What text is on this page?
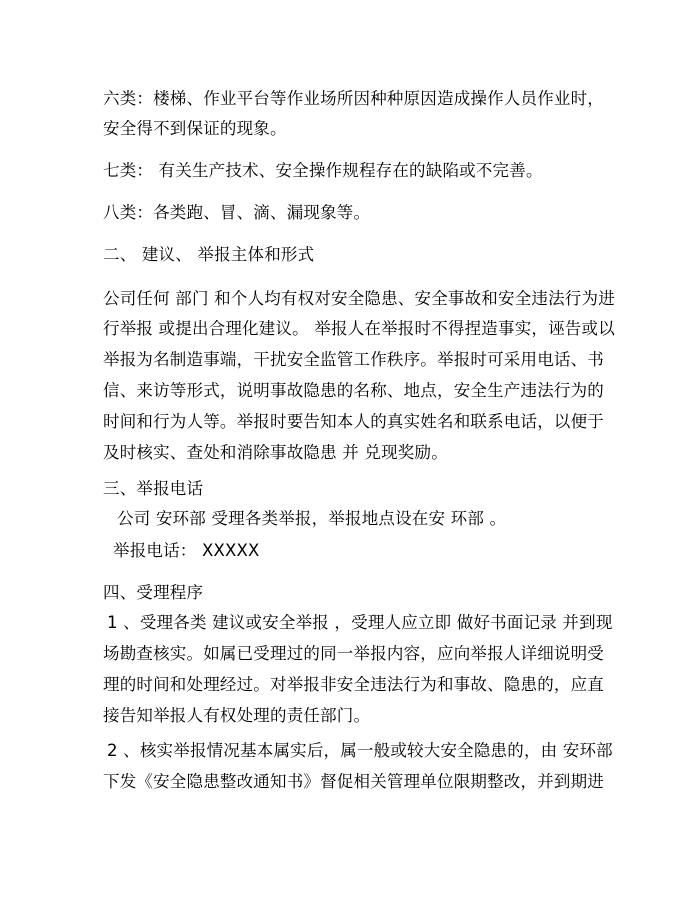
六类：楼梯、作业平台等作业场所因种种原因造成操作人员作业时，
安全得不到保证的现象。
七类： 有关生产技术、安全操作规程存在的缺陷或不完善。
八类：各类跑、冒、滴、漏现象等。
二、 建议、 举报主体和形式
公司任何 部门 和个人均有权对安全隐患、安全事故和安全违法行为进
行举报 或提出合理化建议。 举报人在举报时不得捏造事实，诬告或以
举报为名制造事端，干扰安全监管工作秩序。举报时可采用电话、书
信、来访等形式，说明事故隐患的名称、地点，安全生产违法行为的
时间和行为人等。举报时要告知本人的真实姓名和联系电话，以便于
及时核实、查处和消除事故隐患 并 兑现奖励。
三、举报电话
公司 安环部 受理各类举报，举报地点设在安 环部 。
举报电话： XXXXX
四、受理程序
1 、受理各类 建议或安全举报 ，受理人应立即 做好书面记录 并到现
场勘查核实。如属已受理过的同一举报内容，应向举报人详细说明受
理的时间和处理经过。对举报非安全违法行为和事故、隐患的，应直
接告知举报人有权处理的责任部门。
2 、核实举报情况基本属实后，属一般或较大安全隐患的，由 安环部
下发《安全隐患整改通知书》督促相关管理单位限期整改，并到期进
